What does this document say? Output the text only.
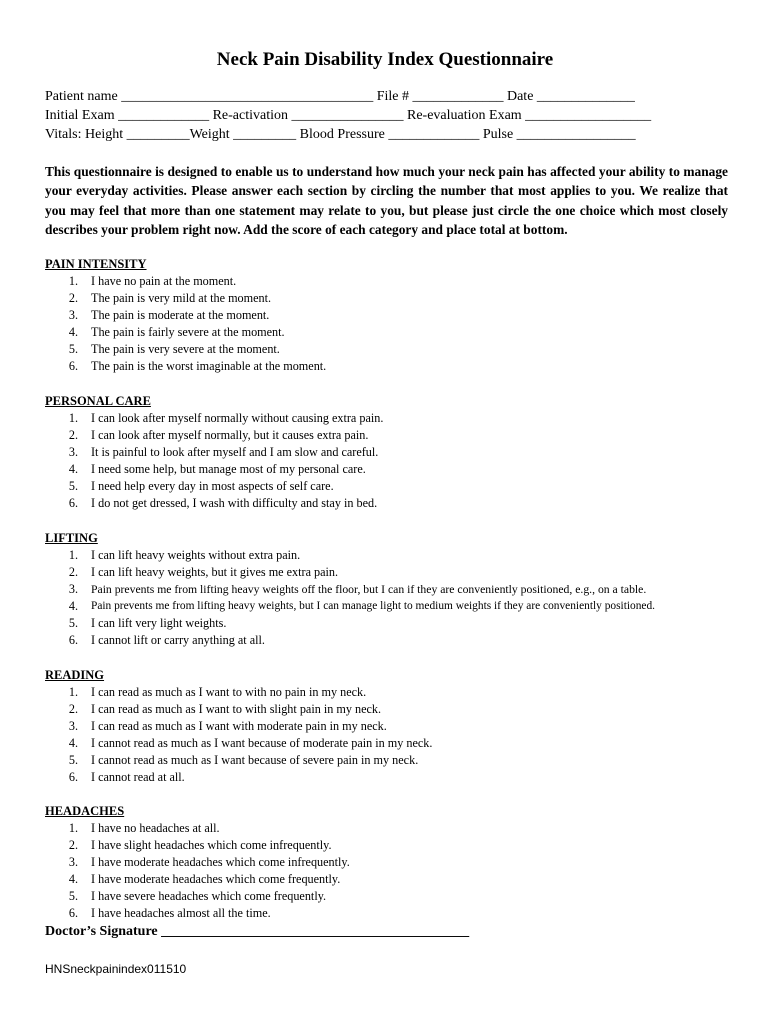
Neck Pain Disability Index Questionnaire
Patient name ____________________________________ File # _____________ Date ______________
Initial Exam _____________ Re-activation ________________ Re-evaluation Exam __________________
Vitals: Height _________Weight _________ Blood Pressure _____________ Pulse _________________
This questionnaire is designed to enable us to understand how much your neck pain has affected your ability to manage your everyday activities. Please answer each section by circling the number that most applies to you. We realize that you may feel that more than one statement may relate to you, but please just circle the one choice which most closely describes your problem right now. Add the score of each category and place total at bottom.
PAIN INTENSITY
1. I have no pain at the moment.
2. The pain is very mild at the moment.
3. The pain is moderate at the moment.
4. The pain is fairly severe at the moment.
5. The pain is very severe at the moment.
6. The pain is the worst imaginable at the moment.
PERSONAL CARE
1. I can look after myself normally without causing extra pain.
2. I can look after myself normally, but it causes extra pain.
3. It is painful to look after myself and I am slow and careful.
4. I need some help, but manage most of my personal care.
5. I need help every day in most aspects of self care.
6. I do not get dressed, I wash with difficulty and stay in bed.
LIFTING
1. I can lift heavy weights without extra pain.
2. I can lift heavy weights, but it gives me extra pain.
3. Pain prevents me from lifting heavy weights off the floor, but I can if they are conveniently positioned, e.g., on a table.
4. Pain prevents me from lifting heavy weights, but I can manage light to medium weights if they are conveniently positioned.
5. I can lift very light weights.
6. I cannot lift or carry anything at all.
READING
1. I can read as much as I want to with no pain in my neck.
2. I can read as much as I want to with slight pain in my neck.
3. I can read as much as I want with moderate pain in my neck.
4. I cannot read as much as I want because of moderate pain in my neck.
5. I cannot read as much as I want because of severe pain in my neck.
6. I cannot read at all.
HEADACHES
1. I have no headaches at all.
2. I have slight headaches which come infrequently.
3. I have moderate headaches which come infrequently.
4. I have moderate headaches which come frequently.
5. I have severe headaches which come frequently.
6. I have headaches almost all the time.
Doctor’s Signature ____________________________________________
HNSneckpainindex011510
